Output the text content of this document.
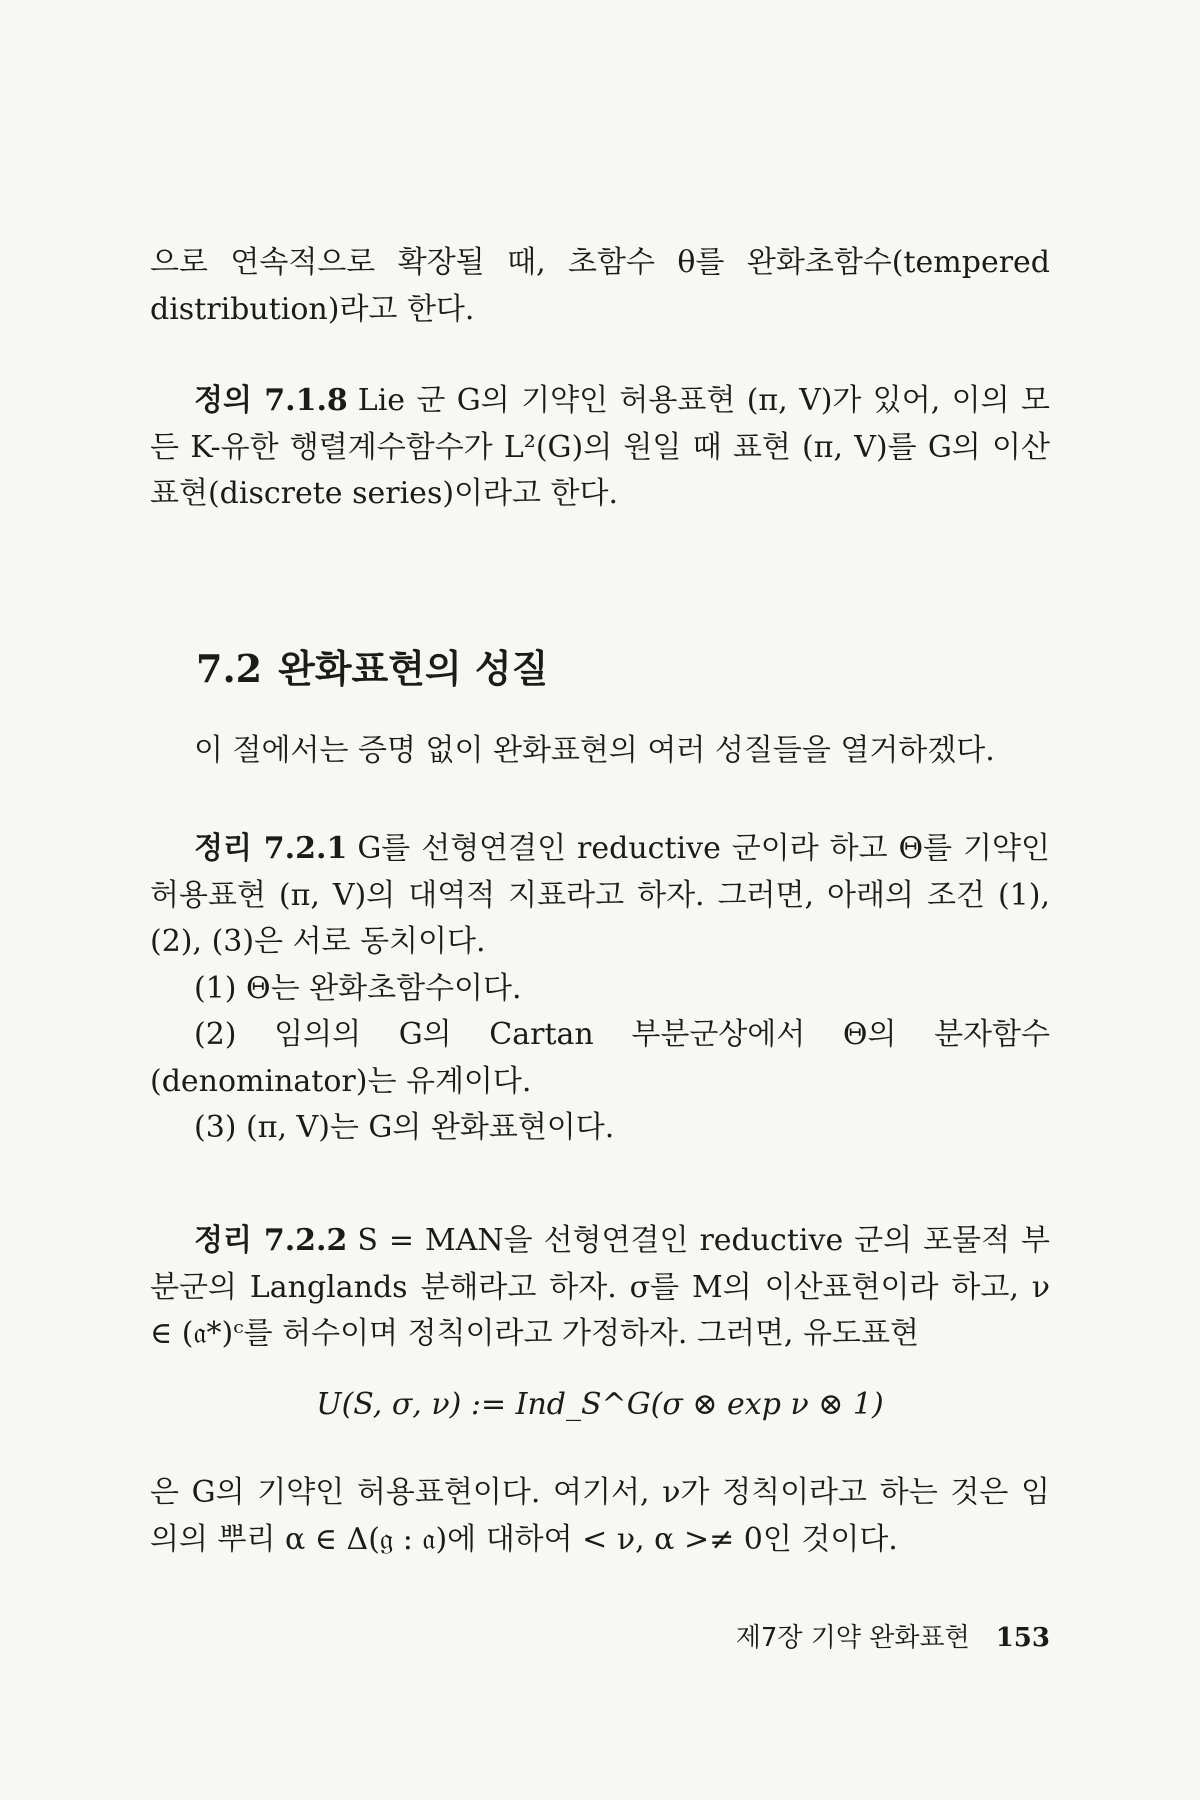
으로 연속적으로 확장될 때, 초함수 θ를 완화초함수(tempered distribution)라고 한다.

정의 7.1.8 Lie 군 G의 기약인 허용표현 (π, V)가 있어, 이의 모든 K-유한 행렬계수함수가 L²(G)의 원일 때 표현 (π, V)를 G의 이산표현(discrete series)이라고 한다.

7.2 완화표현의 성질

이 절에서는 증명 없이 완화표현의 여러 성질들을 열거하겠다.

정리 7.2.1 G를 선형연결인 reductive 군이라 하고 Θ를 기약인 허용표현 (π, V)의 대역적 지표라고 하자. 그러면, 아래의 조건 (1), (2), (3)은 서로 동치이다.

(1) Θ는 완화초함수이다.

(2) 임의의 G의 Cartan 부분군상에서 Θ의 분자함수(denominator)는 유계이다.

(3) (π, V)는 G의 완화표현이다.

정리 7.2.2 S = MAN을 선형연결인 reductive 군의 포물적 부분군의 Langlands 분해라고 하자. σ를 M의 이산표현이라 하고, ν ∈ (𝔞*)ᶜ를 허수이며 정칙이라고 가정하자. 그러면, 유도표현

U(S, σ, ν) := Ind_S^G(σ ⊗ exp ν ⊗ 1)

은 G의 기약인 허용표현이다. 여기서, ν가 정칙이라고 하는 것은 임의의 뿌리 α ∈ Δ(𝔤 : 𝔞)에 대하여 < ν, α >≠ 0인 것이다.

제7장 기약 완화표현 153
